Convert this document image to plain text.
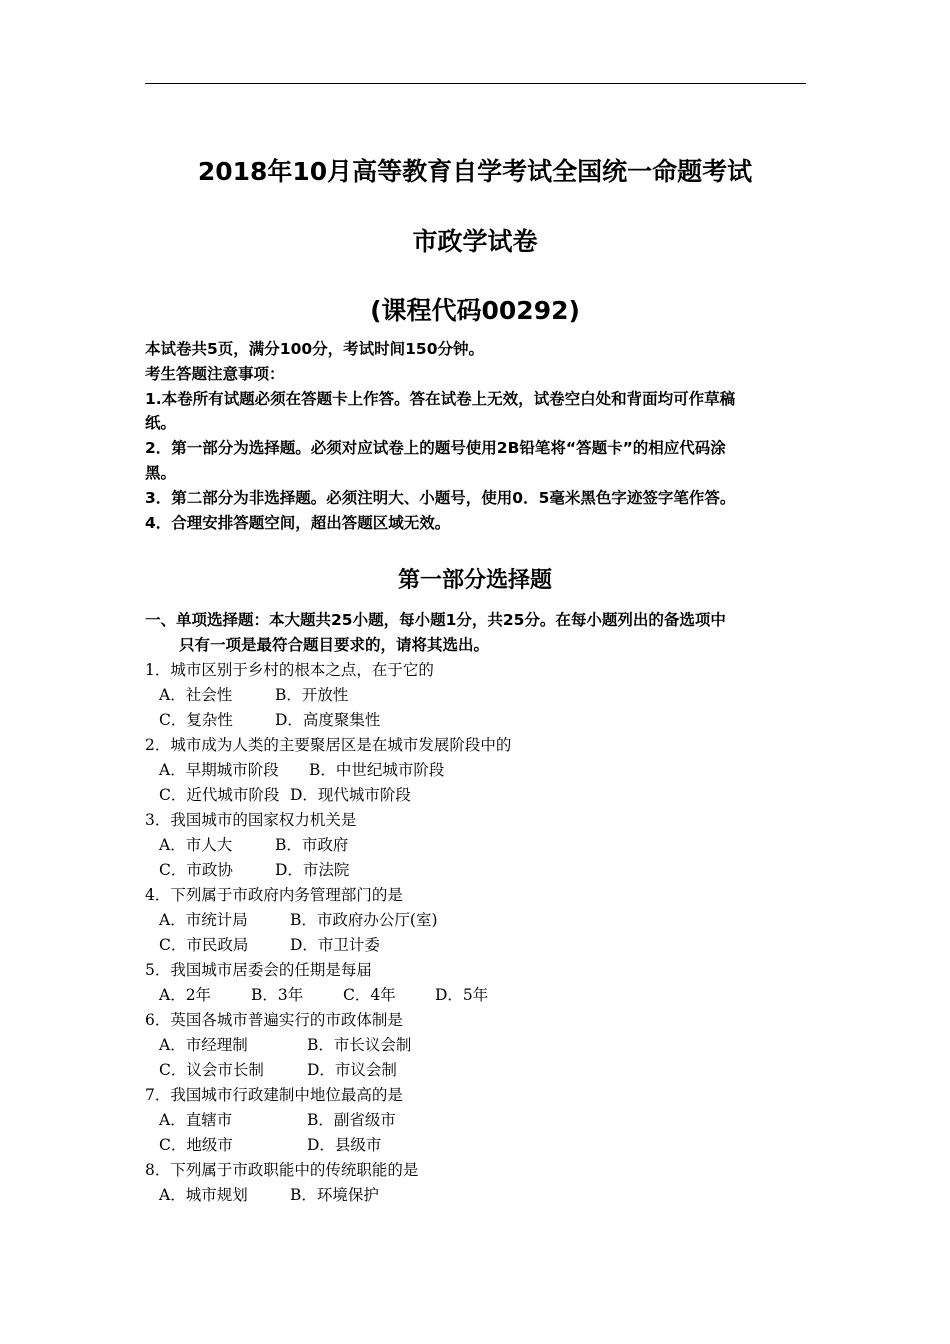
2018年10月高等教育自学考试全国统一命题考试
市政学试卷
(课程代码00292)
本试卷共5页，满分100分，考试时间150分钟。
考生答题注意事项：
1.本卷所有试题必须在答题卡上作答。答在试卷上无效，试卷空白处和背面均可作草稿
纸。
2．第一部分为选择题。必须对应试卷上的题号使用2B铅笔将“答题卡”的相应代码涂
黑。
3．第二部分为非选择题。必须注明大、小题号，使用0．5毫米黑色字迹签字笔作答。
4．合理安排答题空间，超出答题区域无效。
第一部分选择题
一、单项选择题：本大题共25小题，每小题1分，共25分。在每小题列出的备选项中
只有一项是最符合题目要求的，请将其选出。
1．城市区别于乡村的根本之点，在于它的
A．社会性	B．开放性
C．复杂性	D．高度聚集性
2．城市成为人类的主要聚居区是在城市发展阶段中的
A．早期城市阶段 B．中世纪城市阶段
C．近代城市阶段 D．现代城市阶段
3．我国城市的国家权力机关是
A．市人大	B．市政府
C．市政协	D．市法院
4．下列属于市政府内务管理部门的是
A．市统计局	B．市政府办公厅(室)
C．市民政局	D．市卫计委
5．我国城市居委会的任期是每届
A．2年	B．3年	C．4年	D．5年
6．英国各城市普遍实行的市政体制是
A．市经理制	B．市长议会制
C．议会市长制	D．市议会制
7．我国城市行政建制中地位最高的是
A．直辖市	B．副省级市
C．地级市	D．县级市
8．下列属于市政职能中的传统职能的是
A．城市规划	B．环境保护
